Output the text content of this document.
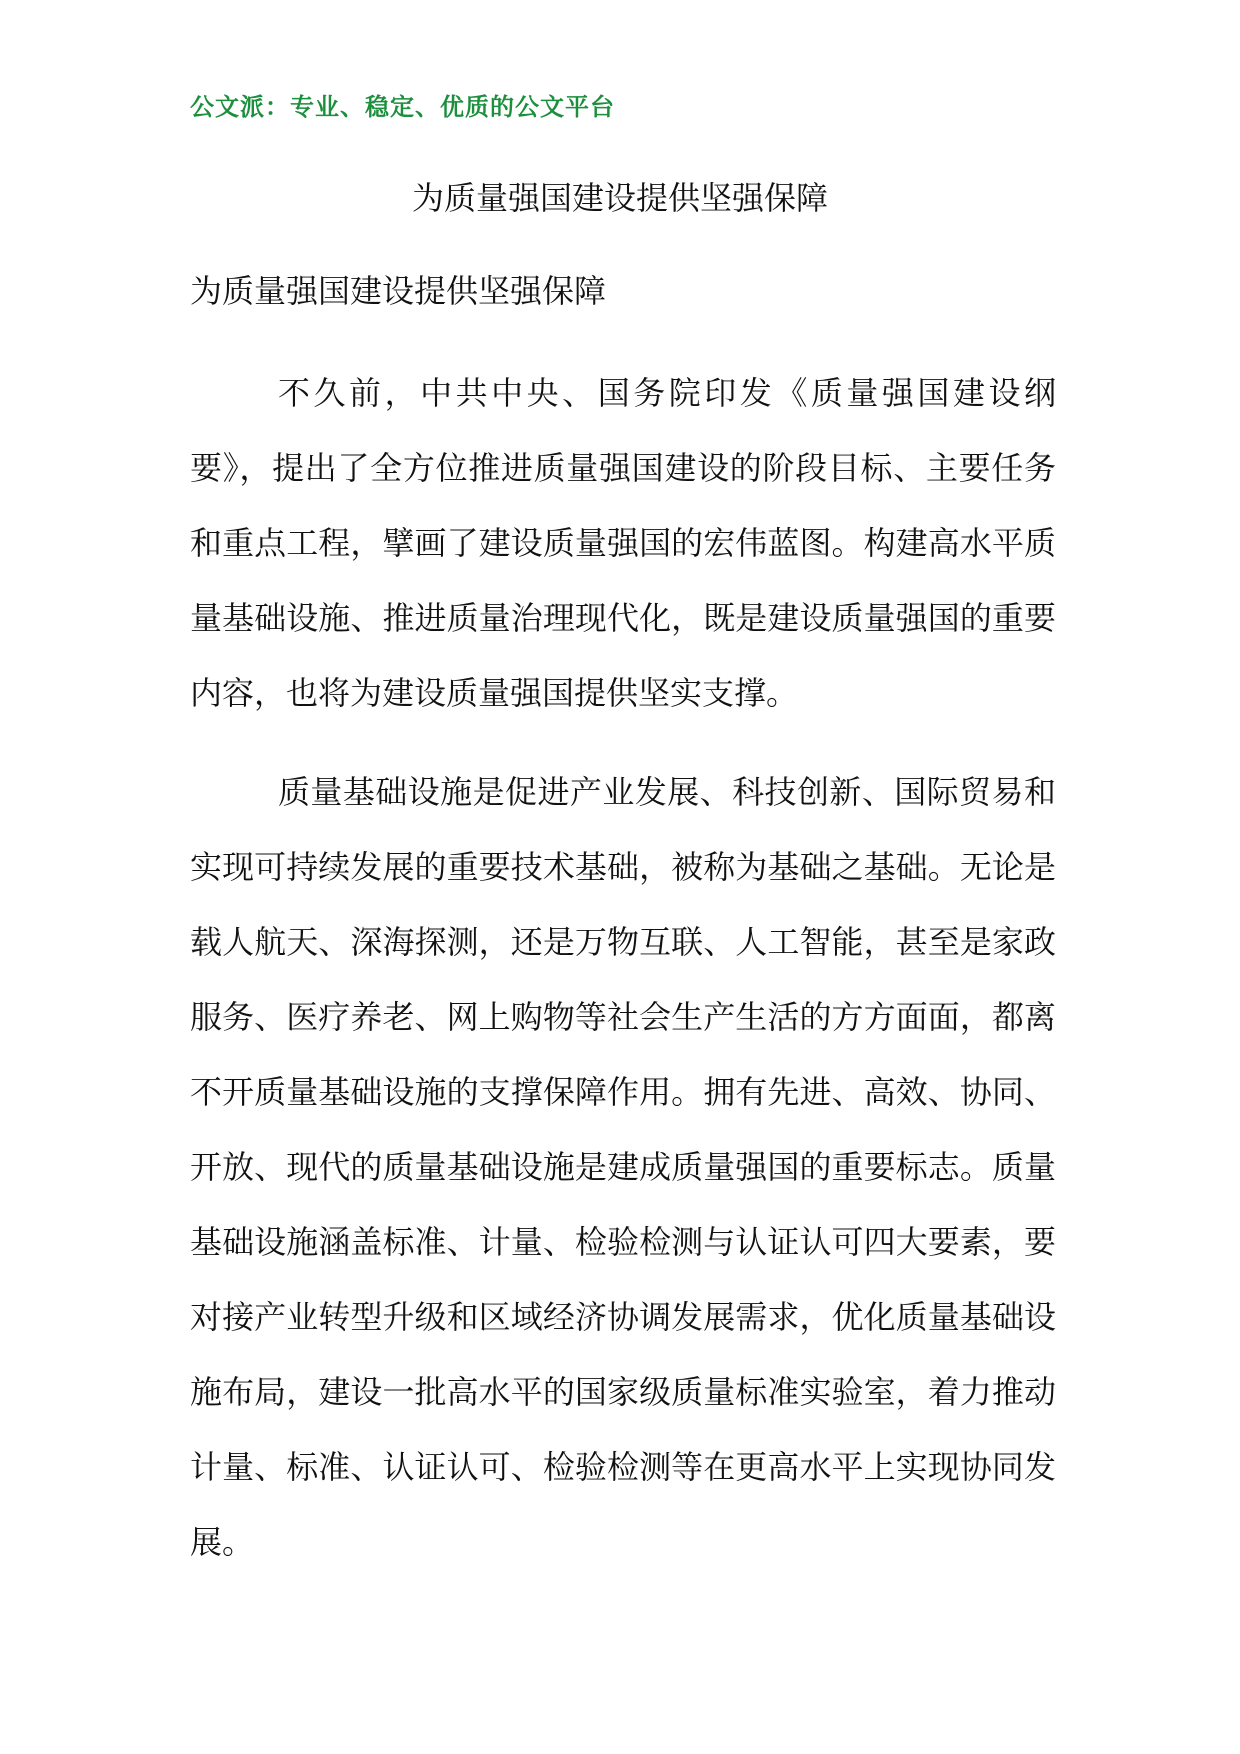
公文派：专业、稳定、优质的公文平台
为质量强国建设提供坚强保障
为质量强国建设提供坚强保障

不久前，中共中央、国务院印发《质量强国建设纲要》，提出了全方位推进质量强国建设的阶段目标、主要任务和重点工程，擘画了建设质量强国的宏伟蓝图。构建高水平质量基础设施、推进质量治理现代化，既是建设质量强国的重要内容，也将为建设质量强国提供坚实支撑。

质量基础设施是促进产业发展、科技创新、国际贸易和实现可持续发展的重要技术基础，被称为基础之基础。无论是载人航天、深海探测，还是万物互联、人工智能，甚至是家政服务、医疗养老、网上购物等社会生产生活的方方面面，都离不开质量基础设施的支撑保障作用。拥有先进、高效、协同、开放、现代的质量基础设施是建成质量强国的重要标志。质量基础设施涵盖标准、计量、检验检测与认证认可四大要素，要对接产业转型升级和区域经济协调发展需求，优化质量基础设施布局，建设一批高水平的国家级质量标准实验室，着力推动计量、标准、认证认可、检验检测等在更高水平上实现协同发展。
